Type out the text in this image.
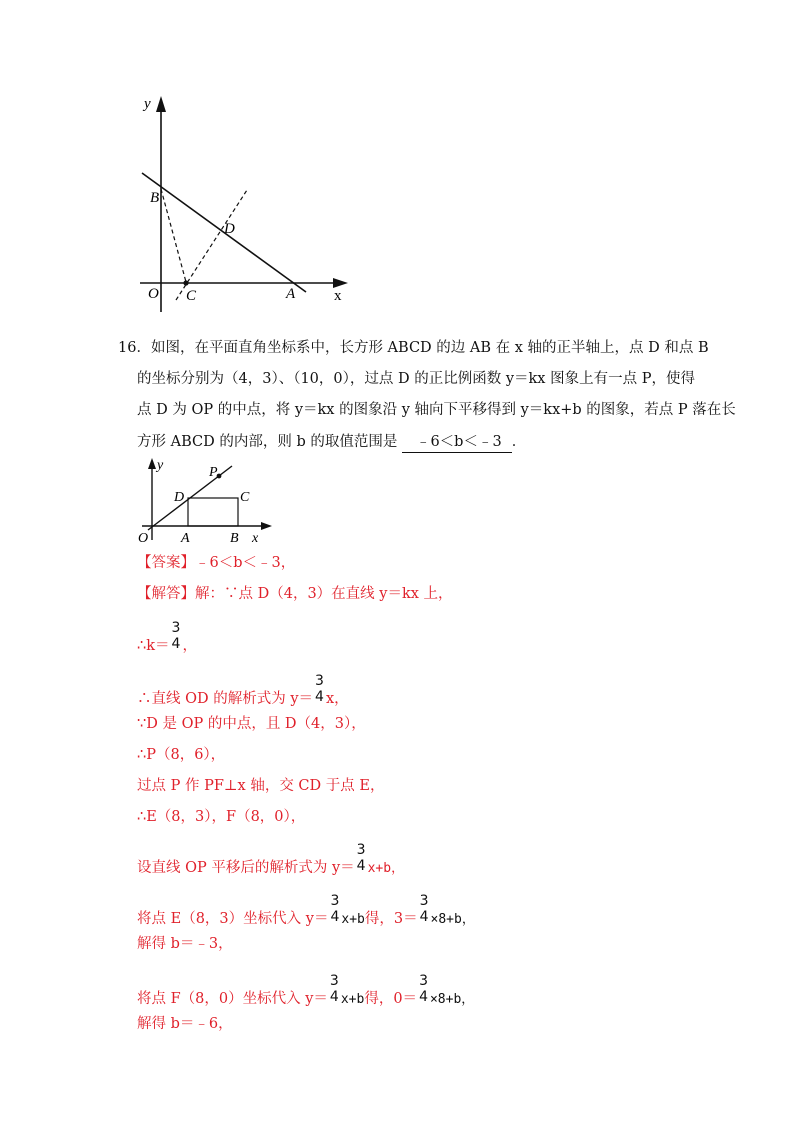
y
x
O
B
D
C	A
16．如图，在平面直角坐标系中，长方形 ABCD 的边 AB 在 x 轴的正半轴上，点 D 和点 B
的坐标分别为（4，3）、（10，0），过点 D 的正比例函数 y＝kx 图象上有一点 P，使得
点 D 为 OP 的中点，将 y＝kx 的图象沿 y 轴向下平移得到 y＝kx+b 的图象，若点 P 落在长
方形 ABCD 的内部，则 b 的取值范围是 ﹣6＜b＜﹣3 ．
y
x
O A	B
C
D
P
【答案】﹣6＜b＜﹣3，
【解答】解：∵点 D（4，3）在直线 y＝kx 上，
∴k＝
3
4 ，
∴直线 OD 的解析式为 y＝
3
4 x，
∵D 是 OP 的中点，且 D（4，3），
∴P（8，6），
过点 P 作 PF⊥x 轴，交 CD 于点 E，
∴E（8，3），F（8，0），
设直线 OP 平移后的解析式为 y＝
3
4 x+b，
将点 E（8，3）坐标代入 y＝
3
4 x+b得，3＝
3
4 ×8+b，
解得 b＝﹣3，
将点 F（8，0）坐标代入 y＝
3
4 x+b得，0＝
3
4 ×8+b，
解得 b＝﹣6，
